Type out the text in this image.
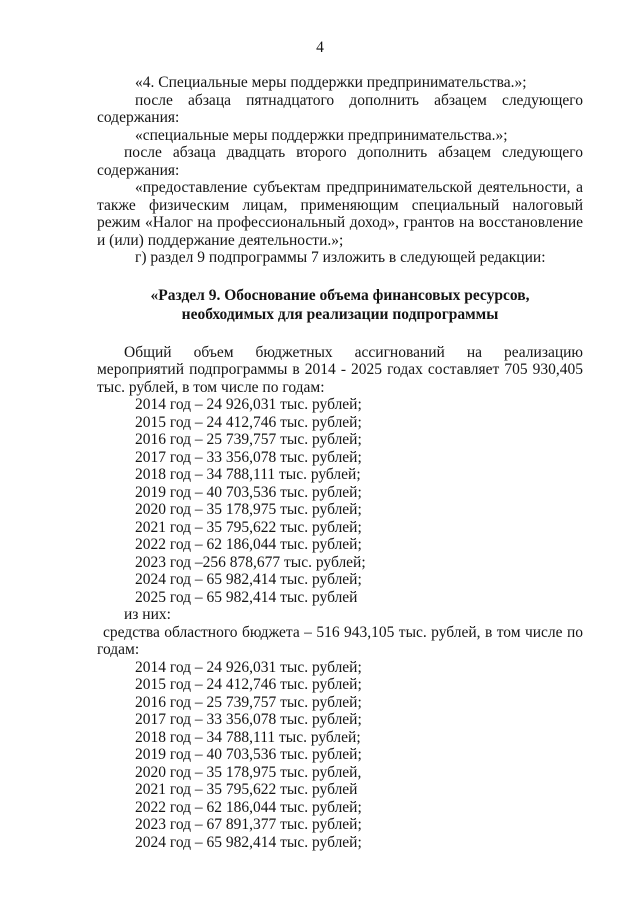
4

«4. Специальные меры поддержки предпринимательства.»;

после абзаца пятнадцатого дополнить абзацем следующего содержания:

«специальные меры поддержки предпринимательства.»;

после абзаца двадцать второго дополнить абзацем следующего содержания:

«предоставление субъектам предпринимательской деятельности, а также физическим лицам, применяющим специальный налоговый режим «Налог на профессиональный доход», грантов на восстановление и (или) поддержание деятельности.»;

г) раздел 9 подпрограммы 7 изложить в следующей редакции:

«Раздел 9. Обоснование объема финансовых ресурсов,
необходимых для реализации подпрограммы

Общий объем бюджетных ассигнований на реализацию мероприятий подпрограммы в 2014 - 2025 годах составляет 705 930,405 тыс. рублей, в том числе по годам:

2014 год – 24 926,031 тыс. рублей;
2015 год – 24 412,746 тыс. рублей;
2016 год – 25 739,757 тыс. рублей;
2017 год – 33 356,078 тыс. рублей;
2018 год – 34 788,111 тыс. рублей;
2019 год – 40 703,536 тыс. рублей;
2020 год – 35 178,975 тыс. рублей;
2021 год – 35 795,622 тыс. рублей;
2022 год – 62 186,044 тыс. рублей;
2023 год –256 878,677 тыс. рублей;
2024 год – 65 982,414 тыс. рублей;
2025 год – 65 982,414 тыс. рублей

из них:

средства областного бюджета – 516 943,105 тыс. рублей, в том числе по годам:

2014 год – 24 926,031 тыс. рублей;
2015 год – 24 412,746 тыс. рублей;
2016 год – 25 739,757 тыс. рублей;
2017 год – 33 356,078 тыс. рублей;
2018 год – 34 788,111 тыс. рублей;
2019 год – 40 703,536 тыс. рублей;
2020 год – 35 178,975 тыс. рублей,
2021 год – 35 795,622 тыс. рублей
2022 год – 62 186,044 тыс. рублей;
2023 год – 67 891,377 тыс. рублей;
2024 год – 65 982,414 тыс. рублей;
